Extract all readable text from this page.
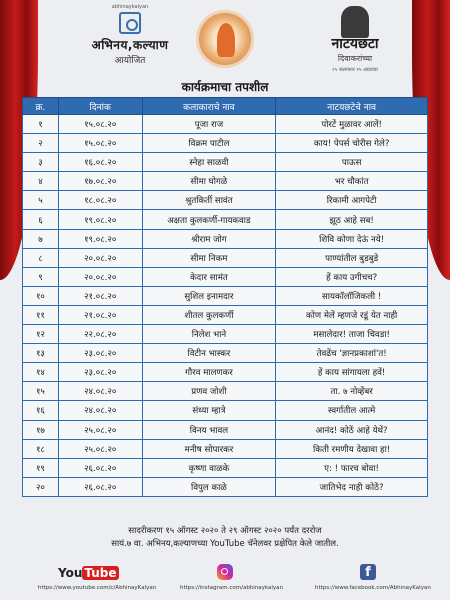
abhinaykalyan
अभिनय,कल्याण
आयोजित
नाटयछटा
दिवाकरांच्या
२५ कलाकार १५ आठवडा
कार्यक्रमाचा तपशील
क्र.	दिनांक	कलाकाराचे नाव	नाटयछटेचे नाव
१	१५.०८.२०	पूजा राज	पोरटें मुळावर आलें!
२	१५.०८.२०	विक्रम पाटील	काय! पेपर्स चोरीस गेले?
३	१६.०८.२०	स्नेहा साळवी	पाऊस
४	१७.०८.२०	सीमा घोगळे	भर चौकांत
५	१८.०८.२०	श्रुतकिर्ती सावंत	रिकामी आगपेटी
६	१९.०८.२०	अक्षता कुलकर्णी-गायकवाड	झूठ आहे सब!
७	१९.०८.२०	श्रीराम जोग	शिवि कोणा देऊं नये!
८	२०.०८.२०	सीमा निकम	पाण्यांतील बुडबुडे
९	२०.०८.२०	केदार सामंत	हें काय उगीचच?
१०	२१.०८.२०	सुशिल इनामदार	सायकॉलॉजिकली !
११	२१.०८.२०	शीतल कुलकर्णी	कोण मेलें म्हणजे रडूं येत नाही
१२	२२.०८.२०	निलेश भाने	मसालेदार! ताजा चिवडा!
१३	२३.०८.२०	विटीन भास्कर	तेवढेंच 'ज्ञानप्रकाशां'त!
१४	२३.०८.२०	गौरव मालणकर	हें काय सांगायला हवें!
१५	२४.०८.२०	प्रणव जोशी	ता. ७ नोव्हेंबर
१६	२४.०८.२०	संध्या म्हात्रे	स्वर्गातील आत्मे
१७	२५.०८.२०	विनय भावल	आनंद! कोठें आहे येथें?
१८	२५.०८.२०	मनीष सोपारकर	किती रमणीय देखावा हा!
१९	२६.०८.२०	कृष्णा वाळके	ए: ! फारच बोवा!
२०	२६.०८.२०	विपुल काळे	जातिभेद नाही कोठें?
सादरीकरण १५ ऑगस्ट २०२० ते २९ ऑगस्ट २०२० पर्यंत दररोज
सायं.७ वा. अभिनय,कल्याणच्या YouTube चॅनेलवर प्रक्षेपित केले जातील.
You Tube	f
https://www.youtube.com/c/AbhinayKalyan	https://instagram.com/abhinaykalyan	https://www.facebook.com/AbhinayKalyan
